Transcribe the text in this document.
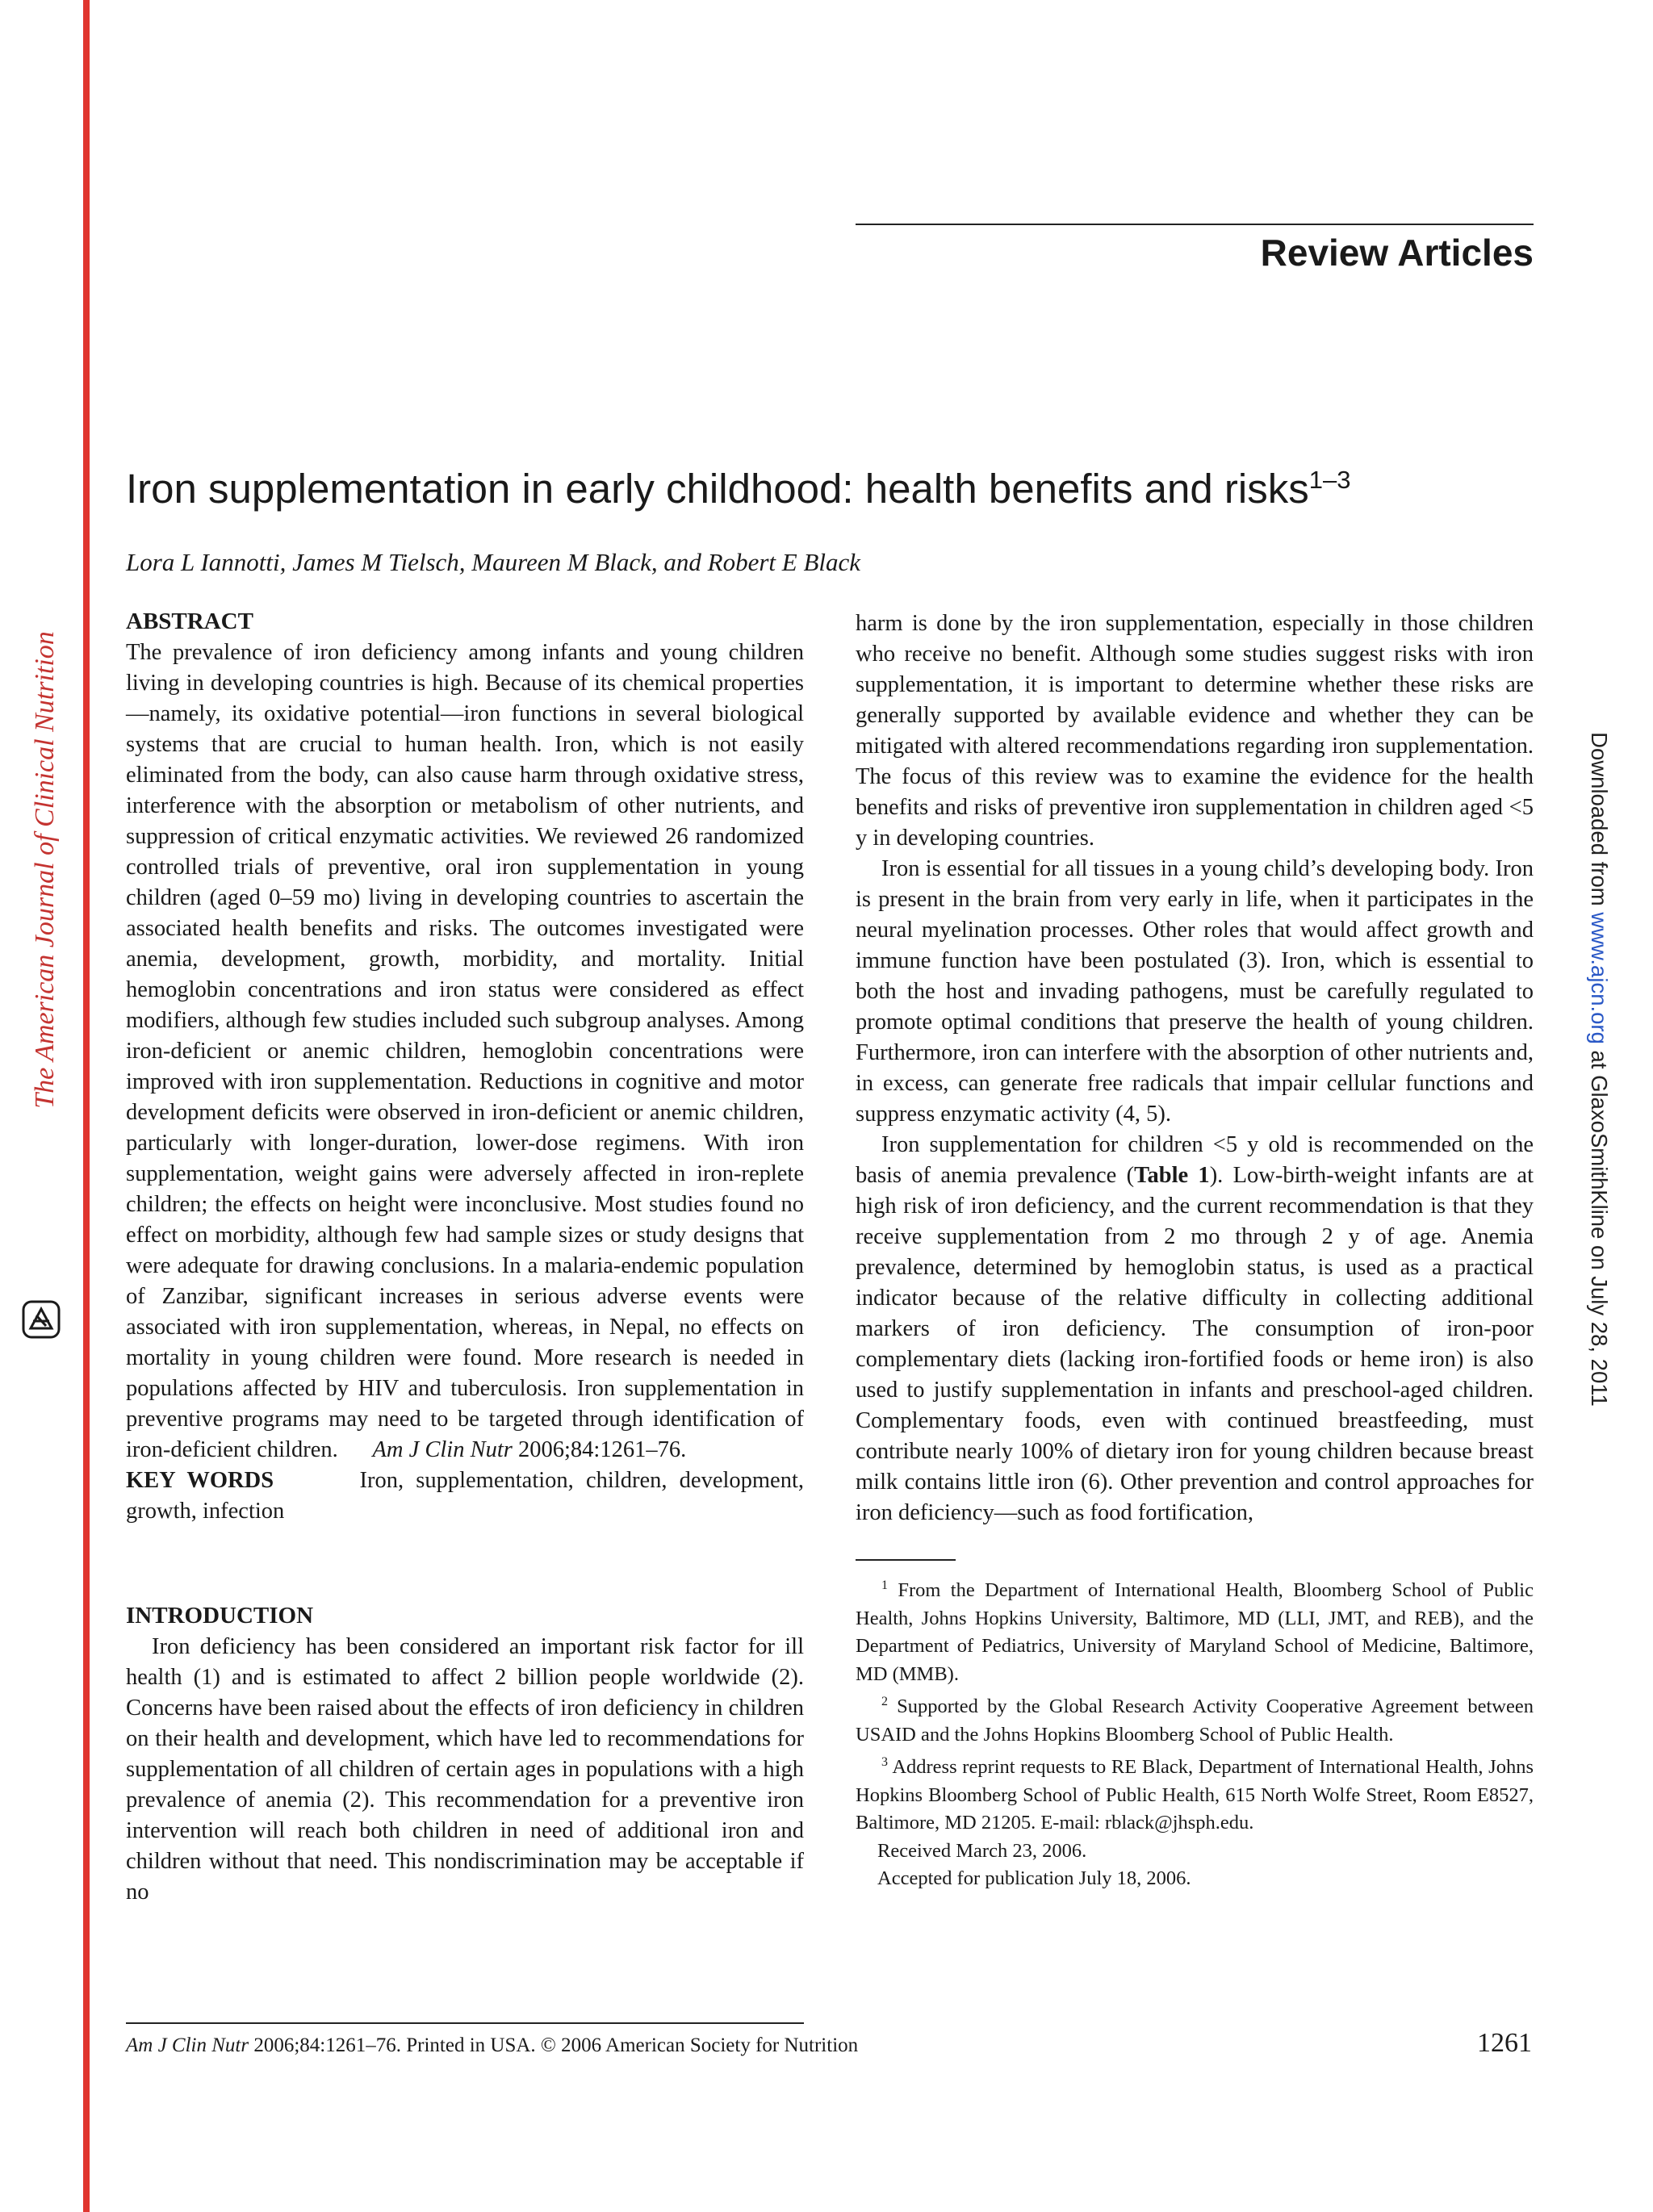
The American Journal of Clinical Nutrition	Downloaded from www.ajcn.org at GlaxoSmithKline on July 28, 2011
Review Articles
Iron supplementation in early childhood: health benefits and risks$^{1-3}$
Lora L Iannotti, James M Tielsch, Maureen M Black, and Robert E Black
ABSTRACT

The prevalence of iron deficiency among infants and young children living in developing countries is high. Because of its chemical properties—namely, its oxidative potential—iron functions in several biological systems that are crucial to human health. Iron, which is not easily eliminated from the body, can also cause harm through oxidative stress, interference with the absorption or metabolism of other nutrients, and suppression of critical enzymatic activities. We reviewed 26 randomized controlled trials of preventive, oral iron supplementation in young children (aged 0–59 mo) living in developing countries to ascertain the associated health benefits and risks. The outcomes investigated were anemia, development, growth, morbidity, and mortality. Initial hemoglobin concentrations and iron status were considered as effect modifiers, although few studies included such subgroup analyses. Among iron-deficient or anemic children, hemoglobin concentrations were improved with iron supplementation. Reductions in cognitive and motor development deficits were observed in iron-deficient or anemic children, particularly with longer-duration, lower-dose regimens. With iron supplementation, weight gains were adversely affected in iron-replete children; the effects on height were inconclusive. Most studies found no effect on morbidity, although few had sample sizes or study designs that were adequate for drawing conclusions. In a malaria-endemic population of Zanzibar, significant increases in serious adverse events were associated with iron supplementation, whereas, in Nepal, no effects on mortality in young children were found. More research is needed in populations affected by HIV and tuberculosis. Iron supplementation in preventive programs may need to be targeted through identification of iron-deficient children. Am J Clin Nutr 2006;84:1261–76.

KEY WORDS	Iron, supplementation, children, development, growth, infection

INTRODUCTION

Iron deficiency has been considered an important risk factor for ill health (1) and is estimated to affect 2 billion people worldwide (2). Concerns have been raised about the effects of iron deficiency in children on their health and development, which have led to recommendations for supplementation of all children of certain ages in populations with a high prevalence of anemia (2). This recommendation for a preventive iron intervention will reach both children in need of additional iron and children without that need. This nondiscrimination may be acceptable if no

Am J Clin Nutr 2006;84:1261–76. Printed in USA. © 2006 American Society for Nutrition	1261

harm is done by the iron supplementation, especially in those children who receive no benefit. Although some studies suggest risks with iron supplementation, it is important to determine whether these risks are generally supported by available evidence and whether they can be mitigated with altered recommendations regarding iron supplementation. The focus of this review was to examine the evidence for the health benefits and risks of preventive iron supplementation in children aged <5 y in developing countries.

Iron is essential for all tissues in a young child’s developing body. Iron is present in the brain from very early in life, when it participates in the neural myelination processes. Other roles that would affect growth and immune function have been postulated (3). Iron, which is essential to both the host and invading pathogens, must be carefully regulated to promote optimal conditions that preserve the health of young children. Furthermore, iron can interfere with the absorption of other nutrients and, in excess, can generate free radicals that impair cellular functions and suppress enzymatic activity (4, 5).

Iron supplementation for children <5 y old is recommended on the basis of anemia prevalence (Table 1). Low-birth-weight infants are at high risk of iron deficiency, and the current recommendation is that they receive supplementation from 2 mo through 2 y of age. Anemia prevalence, determined by hemoglobin status, is used as a practical indicator because of the relative difficulty in collecting additional markers of iron deficiency. The consumption of iron-poor complementary diets (lacking iron-fortified foods or heme iron) is also used to justify supplementation in infants and preschool-aged children. Complementary foods, even with continued breastfeeding, must contribute nearly 100% of dietary iron for young children because breast milk contains little iron (6). Other prevention and control approaches for iron deficiency—such as food fortification,

$^1$ From the Department of International Health, Bloomberg School of Public Health, Johns Hopkins University, Baltimore, MD (LLI, JMT, and REB), and the Department of Pediatrics, University of Maryland School of Medicine, Baltimore, MD (MMB).

$^2$ Supported by the Global Research Activity Cooperative Agreement between USAID and the Johns Hopkins Bloomberg School of Public Health.

$^3$ Address reprint requests to RE Black, Department of International Health, Johns Hopkins Bloomberg School of Public Health, 615 North Wolfe Street, Room E8527, Baltimore, MD 21205. E-mail: rblack@jhsph.edu.

Received March 23, 2006.

Accepted for publication July 18, 2006.
